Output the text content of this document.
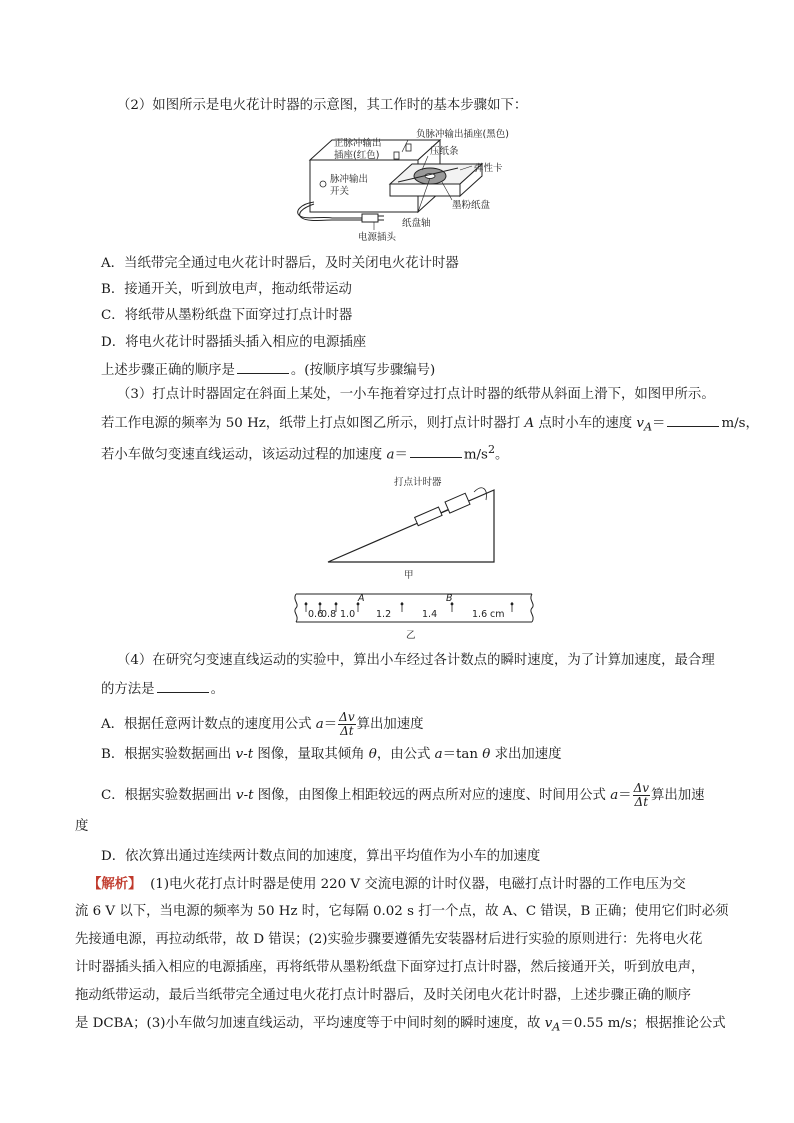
（2）如图所示是电火花计时器的示意图，其工作时的基本步骤如下：
正脉冲输出
插座(红色)
负脉冲输出插座(黑色)
压纸条
弹性卡
脉冲输出
开关
墨粉纸盘
纸盘轴
电源插头
A．当纸带完全通过电火花计时器后，及时关闭电火花计时器
B．接通开关，听到放电声，拖动纸带运动
C．将纸带从墨粉纸盘下面穿过打点计时器
D．将电火花计时器插头插入相应的电源插座
上述步骤正确的顺序是	。(按顺序填写步骤编号)
（3）打点计时器固定在斜面上某处，一小车拖着穿过打点计时器的纸带从斜面上滑下，如图甲所示。
若工作电源的频率为 50 Hz，纸带上打点如图乙所示，则打点计时器打 A 点时小车的速度 $v_A=$	m/s，
若小车做匀变速直线运动，该运动过程的加速度 a＝	$m/s^2$。
打点计时器
甲
A	B
0.6
0.8 1.0 1.2	1.4	1.6 cm
乙
（4）在研究匀变速直线运动的实验中，算出小车经过各计数点的瞬时速度，为了计算加速度，最合理
的方法是	。
A．根据任意两计数点的速度用公式 $a= \frac{\Delta v}{\Delta t}$ 算出加速度
B．根据实验数据画出 v-t 图像，量取其倾角 θ，由公式 a＝tan θ 求出加速度
C．根据实验数据画出 v-t 图像，由图像上相距较远的两点所对应的速度、时间用公式 $a= \frac{\Delta v}{\Delta t}$ 算出加速
度
D．依次算出通过连续两计数点间的加速度，算出平均值作为小车的加速度
【解析】 (1)电火花打点计时器是使用 220 V 交流电源的计时仪器，电磁打点计时器的工作电压为交
流 6 V 以下，当电源的频率为 50 Hz 时，它每隔 0.02 s 打一个点，故 A、C 错误，B 正确；使用它们时必须
先接通电源，再拉动纸带，故 D 错误；(2)实验步骤要遵循先安装器材后进行实验的原则进行：先将电火花
计时器插头插入相应的电源插座，再将纸带从墨粉纸盘下面穿过打点计时器，然后接通开关，听到放电声，
拖动纸带运动，最后当纸带完全通过电火花打点计时器后，及时关闭电火花计时器，上述步骤正确的顺序
是 DCBA；(3)小车做匀加速直线运动，平均速度等于中间时刻的瞬时速度，故 $v_A=0.55$ m/s；根据推论公式
